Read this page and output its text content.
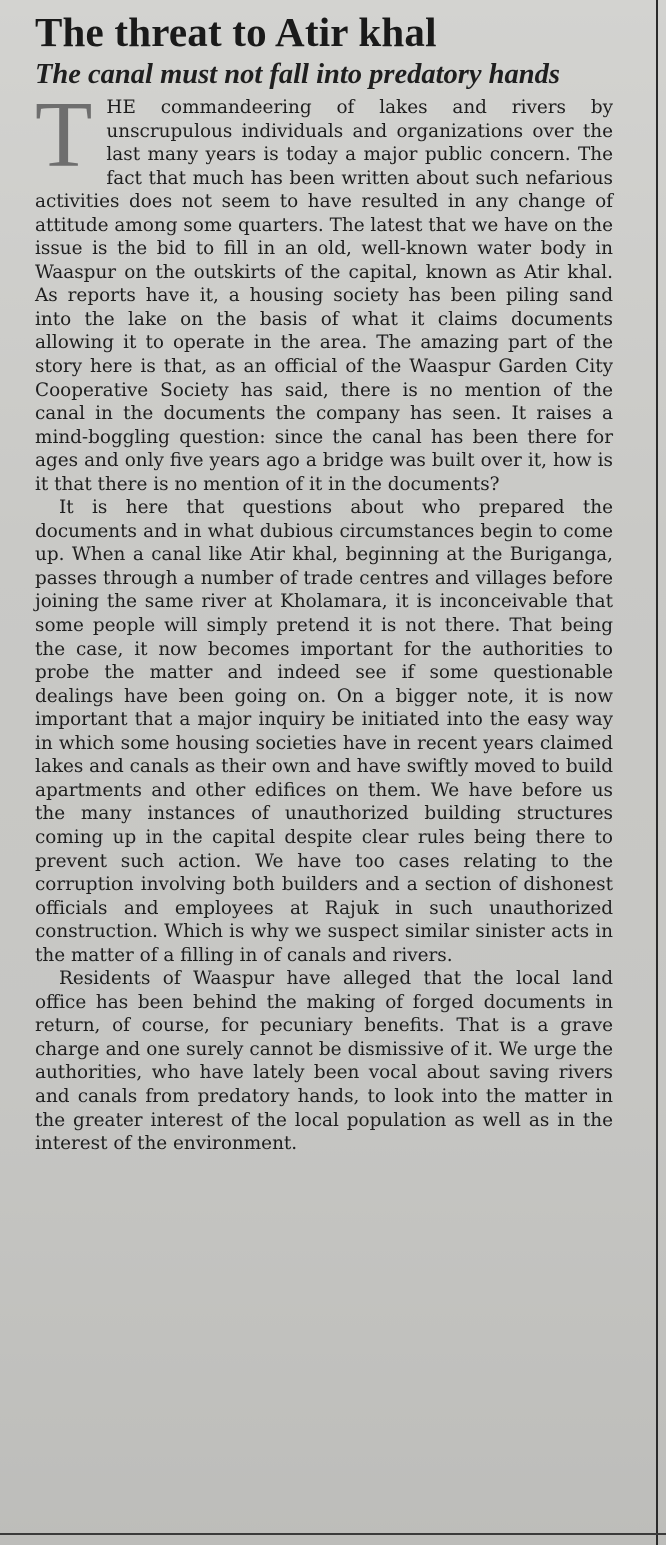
The threat to Atir khal
The canal must not fall into predatory hands

THE commandeering of lakes and rivers by unscrupulous individuals and organizations over the last many years is today a major public concern. The fact that much has been written about such nefarious activities does not seem to have resulted in any change of attitude among some quarters. The latest that we have on the issue is the bid to fill in an old, well-known water body in Waaspur on the outskirts of the capital, known as Atir khal. As reports have it, a housing society has been piling sand into the lake on the basis of what it claims documents allowing it to operate in the area. The amazing part of the story here is that, as an official of the Waaspur Garden City Cooperative Society has said, there is no mention of the canal in the documents the company has seen. It raises a mind-boggling question: since the canal has been there for ages and only five years ago a bridge was built over it, how is it that there is no mention of it in the documents?

It is here that questions about who prepared the documents and in what dubious circumstances begin to come up. When a canal like Atir khal, beginning at the Buriganga, passes through a number of trade centres and villages before joining the same river at Kholamara, it is inconceivable that some people will simply pretend it is not there. That being the case, it now becomes important for the authorities to probe the matter and indeed see if some questionable dealings have been going on. On a bigger note, it is now important that a major inquiry be initiated into the easy way in which some housing societies have in recent years claimed lakes and canals as their own and have swiftly moved to build apartments and other edifices on them. We have before us the many instances of unauthorized building structures coming up in the capital despite clear rules being there to prevent such action. We have too cases relating to the corruption involving both builders and a section of dishonest officials and employees at Rajuk in such unauthorized construction. Which is why we suspect similar sinister acts in the matter of a filling in of canals and rivers.

Residents of Waaspur have alleged that the local land office has been behind the making of forged documents in return, of course, for pecuniary benefits. That is a grave charge and one surely cannot be dismissive of it. We urge the authorities, who have lately been vocal about saving rivers and canals from predatory hands, to look into the matter in the greater interest of the local population as well as in the interest of the environment.
